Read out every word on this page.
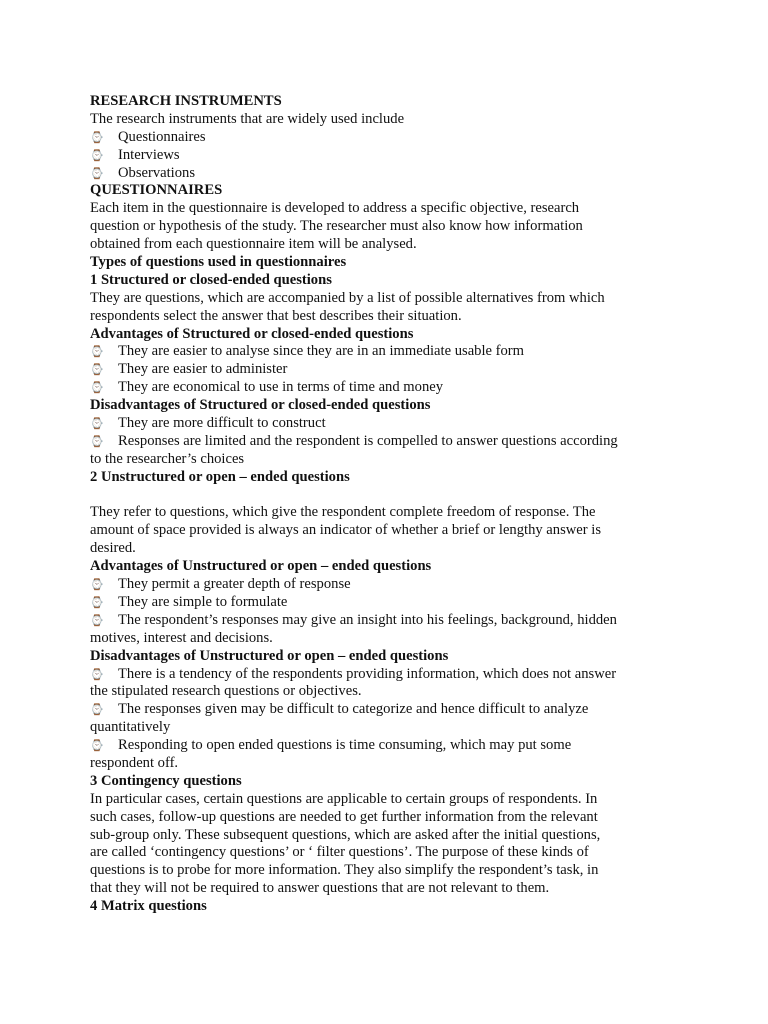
RESEARCH INSTRUMENTS
The research instruments that are widely used include
⌚ Questionnaires
⌚ Interviews
⌚ Observations
QUESTIONNAIRES
Each item in the questionnaire is developed to address a specific objective, research
question or hypothesis of the study. The researcher must also know how information
obtained from each questionnaire item will be analysed.
Types of questions used in questionnaires
1 Structured or closed-ended questions
They are questions, which are accompanied by a list of possible alternatives from which
respondents select the answer that best describes their situation.
Advantages of Structured or closed-ended questions
⌚ They are easier to analyse since they are in an immediate usable form
⌚ They are easier to administer
⌚ They are economical to use in terms of time and money
Disadvantages of Structured or closed-ended questions
⌚ They are more difficult to construct
⌚ Responses are limited and the respondent is compelled to answer questions according
to the researcher’s choices
2 Unstructured or open – ended questions
They refer to questions, which give the respondent complete freedom of response. The
amount of space provided is always an indicator of whether a brief or lengthy answer is
desired.
Advantages of Unstructured or open – ended questions
⌚ They permit a greater depth of response
⌚ They are simple to formulate
⌚ The respondent’s responses may give an insight into his feelings, background, hidden
motives, interest and decisions.
Disadvantages of Unstructured or open – ended questions
⌚ There is a tendency of the respondents providing information, which does not answer
the stipulated research questions or objectives.
⌚ The responses given may be difficult to categorize and hence difficult to analyze
quantitatively
⌚ Responding to open ended questions is time consuming, which may put some
respondent off.
3 Contingency questions
In particular cases, certain questions are applicable to certain groups of respondents. In
such cases, follow-up questions are needed to get further information from the relevant
sub-group only. These subsequent questions, which are asked after the initial questions,
are called ‘contingency questions’ or ‘ filter questions’. The purpose of these kinds of
questions is to probe for more information. They also simplify the respondent’s task, in
that they will not be required to answer questions that are not relevant to them.
4 Matrix questions
